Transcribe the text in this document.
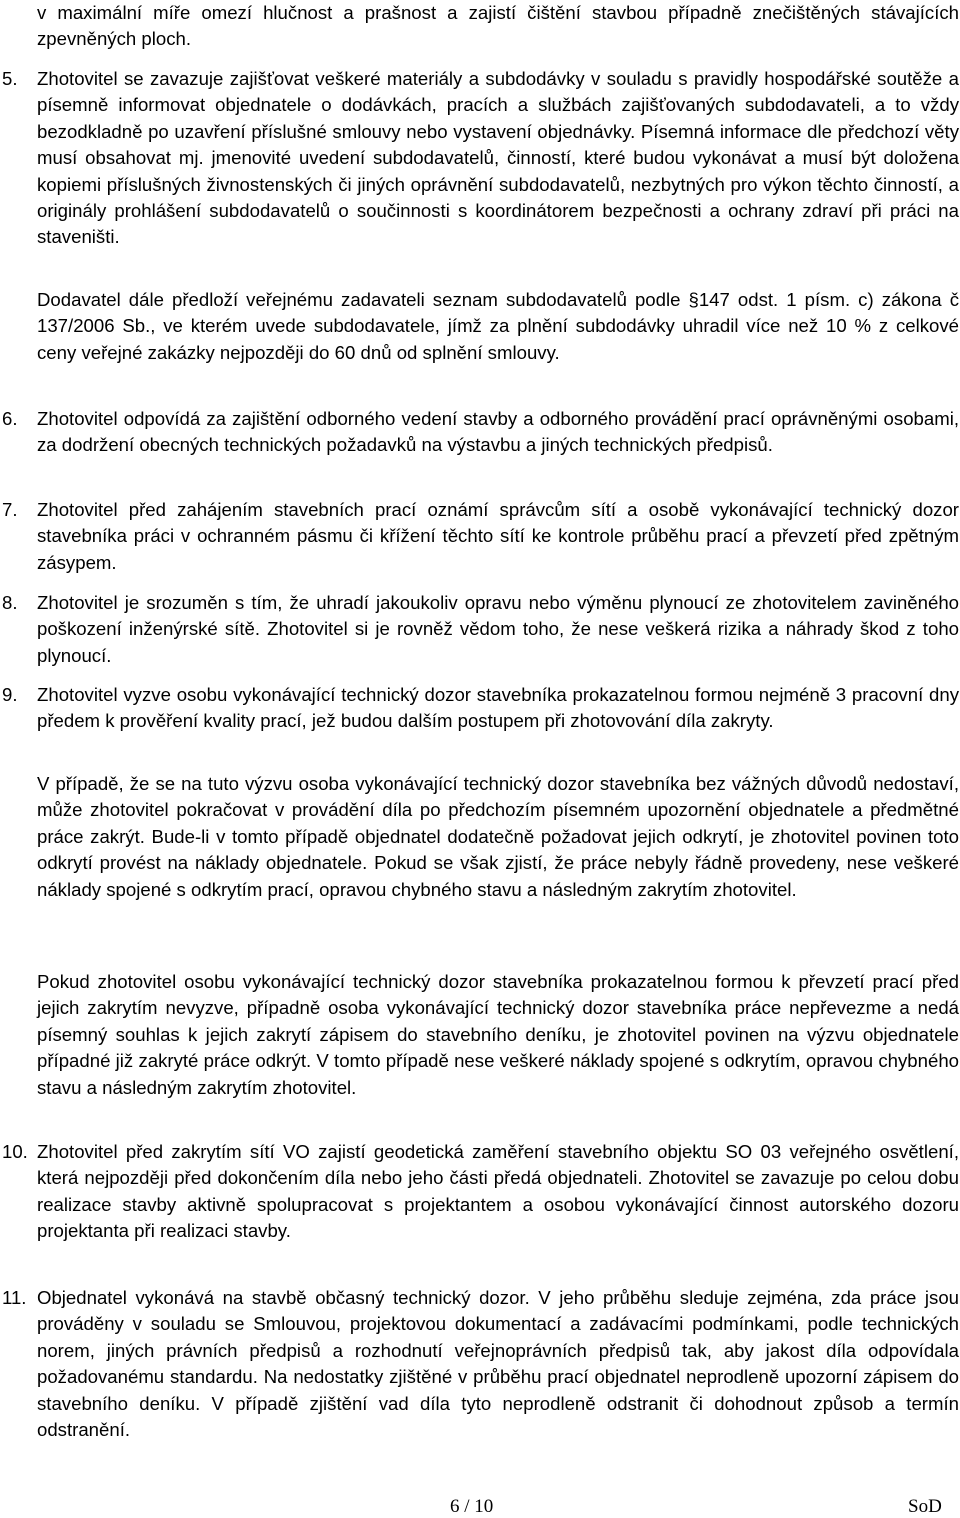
v maximální míře omezí hlučnost a prašnost a zajistí čištění stavbou případně znečištěných stávajících zpevněných ploch.

5.	Zhotovitel se zavazuje zajišťovat veškeré materiály a subdodávky v souladu s pravidly hospodářské soutěže a písemně informovat objednatele o dodávkách, pracích a službách zajišťovaných subdodavateli, a to vždy bezodkladně po uzavření příslušné smlouvy nebo vystavení objednávky. Písemná informace dle předchozí věty musí obsahovat mj. jmenovité uvedení subdodavatelů, činností, které budou vykonávat a musí být doložena kopiemi příslušných živnostenských či jiných oprávnění subdodavatelů, nezbytných pro výkon těchto činností, a originály prohlášení subdodavatelů o součinnosti s koordinátorem bezpečnosti a ochrany zdraví při práci na staveništi.

Dodavatel dále předloží veřejnému zadavateli seznam subdodavatelů podle §147 odst. 1 písm. c) zákona č 137/2006 Sb., ve kterém uvede subdodavatele, jímž za plnění subdodávky uhradil více než 10 % z celkové ceny veřejné zakázky nejpozději do 60 dnů od splnění smlouvy.

6.	Zhotovitel odpovídá za zajištění odborného vedení stavby a odborného provádění prací oprávněnými osobami, za dodržení obecných technických požadavků na výstavbu a jiných technických předpisů.

7.	Zhotovitel před zahájením stavebních prací oznámí správcům sítí a osobě vykonávající technický dozor stavebníka práci v ochranném pásmu či křížení těchto sítí ke kontrole průběhu prací a převzetí před zpětným zásypem.

8.	Zhotovitel je srozuměn s tím, že uhradí jakoukoliv opravu nebo výměnu plynoucí ze zhotovitelem zaviněného poškození inženýrské sítě. Zhotovitel si je rovněž vědom toho, že nese veškerá rizika a náhrady škod z toho plynoucí.

9.	Zhotovitel vyzve osobu vykonávající technický dozor stavebníka prokazatelnou formou nejméně 3 pracovní dny předem k prověření kvality prací, jež budou dalším postupem při zhotovování díla zakryty.

V případě, že se na tuto výzvu osoba vykonávající technický dozor stavebníka bez vážných důvodů nedostaví, může zhotovitel pokračovat v provádění díla po předchozím písemném upozornění objednatele a předmětné práce zakrýt. Bude-li v tomto případě objednatel dodatečně požadovat jejich odkrytí, je zhotovitel povinen toto odkrytí provést na náklady objednatele. Pokud se však zjistí, že práce nebyly řádně provedeny, nese veškeré náklady spojené s odkrytím prací, opravou chybného stavu a následným zakrytím zhotovitel.

Pokud zhotovitel osobu vykonávající technický dozor stavebníka prokazatelnou formou k převzetí prací před jejich zakrytím nevyzve, případně osoba vykonávající technický dozor stavebníka práce nepřevezme a nedá písemný souhlas k jejich zakrytí zápisem do stavebního deníku, je zhotovitel povinen na výzvu objednatele případné již zakryté práce odkrýt. V tomto případě nese veškeré náklady spojené s odkrytím, opravou chybného stavu a následným zakrytím zhotovitel.

10. Zhotovitel před zakrytím sítí VO zajistí geodetická zaměření stavebního objektu SO 03 veřejného osvětlení, která nejpozději před dokončením díla nebo jeho části předá objednateli. Zhotovitel se zavazuje po celou dobu realizace stavby aktivně spolupracovat s projektantem a osobou vykonávající činnost autorského dozoru projektanta při realizaci stavby.

11. Objednatel vykonává na stavbě občasný technický dozor. V jeho průběhu sleduje zejména, zda práce jsou prováděny v souladu se Smlouvou, projektovou dokumentací a zadávacími podmínkami, podle technických norem, jiných právních předpisů a rozhodnutí veřejnoprávních předpisů tak, aby jakost díla odpovídala požadovanému standardu. Na nedostatky zjištěné v průběhu prací objednatel neprodleně upozorní zápisem do stavebního deníku. V případě zjištění vad díla tyto neprodleně odstranit či dohodnout způsob a termín odstranění.

6 / 10	SoD
